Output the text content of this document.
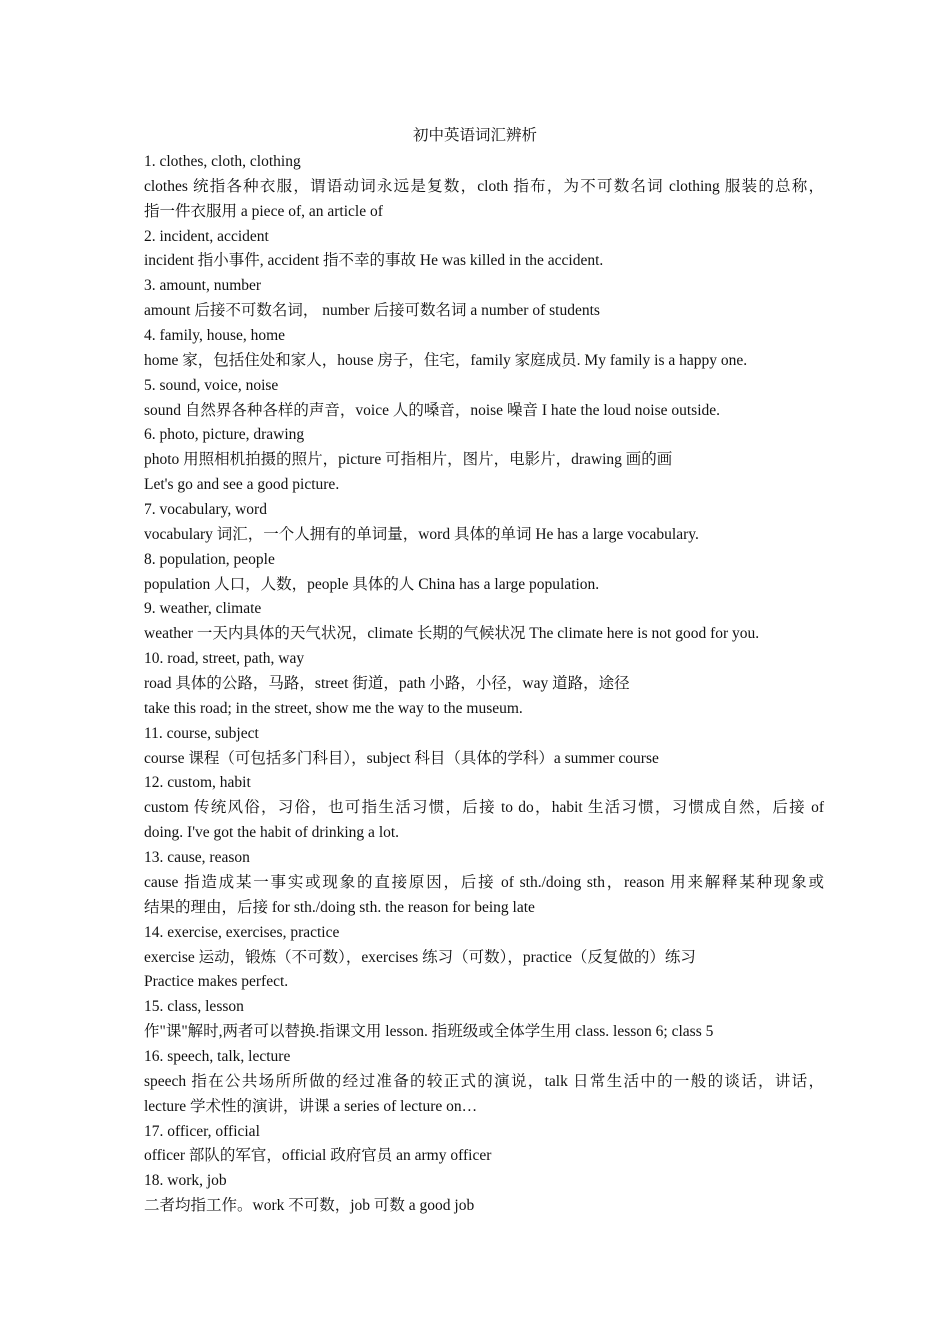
初中英语词汇辨析
1. clothes, cloth, clothing
clothes 统指各种衣服，谓语动词永远是复数，cloth 指布，为不可数名词 clothing 服装的总称，
指一件衣服用 a piece of, an article of
2. incident, accident
incident 指小事件, accident 指不幸的事故 He was killed in the accident.
3. amount, number
amount 后接不可数名词， number 后接可数名词 a number of students
4. family, house, home
home 家，包括住处和家人，house 房子，住宅，family 家庭成员. My family is a happy one.
5. sound, voice, noise
sound 自然界各种各样的声音，voice 人的嗓音，noise 噪音 I hate the loud noise outside.
6. photo, picture, drawing
photo 用照相机拍摄的照片，picture 可指相片，图片，电影片，drawing 画的画
Let's go and see a good picture.
7. vocabulary, word
vocabulary 词汇，一个人拥有的单词量，word 具体的单词 He has a large vocabulary.
8. population, people
population 人口，人数，people 具体的人 China has a large population.
9. weather, climate
weather 一天内具体的天气状况，climate 长期的气候状况 The climate here is not good for you.
10. road, street, path, way
road 具体的公路，马路，street 街道，path 小路，小径，way 道路，途径
take this road; in the street, show me the way to the museum.
11. course, subject
course 课程（可包括多门科目），subject 科目（具体的学科）a summer course
12. custom, habit
custom 传统风俗，习俗，也可指生活习惯，后接 to do，habit 生活习惯，习惯成自然，后接 of
doing. I've got the habit of drinking a lot.
13. cause, reason
cause 指造成某一事实或现象的直接原因，后接 of sth./doing sth，reason 用来解释某种现象或
结果的理由，后接 for sth./doing sth. the reason for being late
14. exercise, exercises, practice
exercise 运动，锻炼（不可数），exercises 练习（可数），practice（反复做的）练习
Practice makes perfect.
15. class, lesson
作"课"解时,两者可以替换.指课文用 lesson. 指班级或全体学生用 class. lesson 6; class 5
16. speech, talk, lecture
speech 指在公共场所所做的经过准备的较正式的演说，talk 日常生活中的一般的谈话，讲话，
lecture 学术性的演讲，讲课 a series of lecture on…
17. officer, official
officer 部队的军官，official 政府官员 an army officer
18. work, job
二者均指工作。work 不可数，job 可数 a good job
